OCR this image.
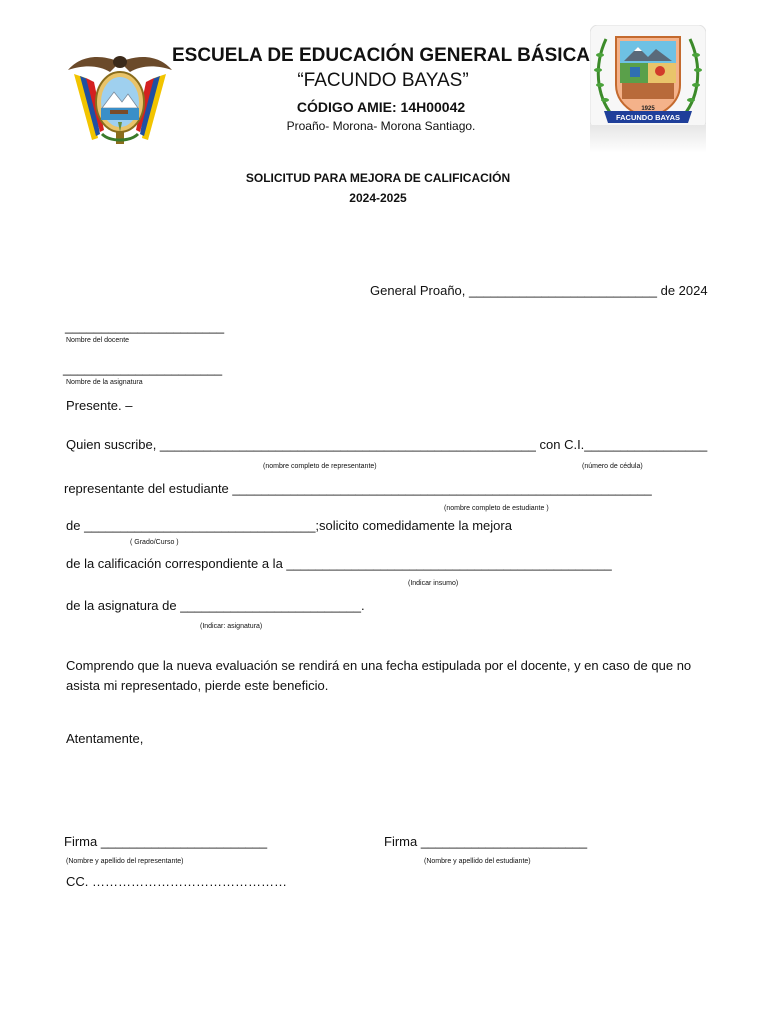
ESCUELA DE EDUCACIÓN GENERAL BÁSICA
“FACUNDO BAYAS”
CÓDIGO AMIE: 14H00042
Proaño- Morona- Morona Santiago.
FACUNDO BAYAS
1925
SOLICITUD PARA MEJORA DE CALIFICACIÓN
2024-2025
General Proaño, __________________________ de 2024
______________________
Nombre del docente
______________________
Nombre de la asignatura
Presente. –
Quien suscribe, ____________________________________________________ con C.I._________________
(nombre completo de representante)	(número de cédula)
representante del estudiante __________________________________________________________
(nombre completo de estudiante )
de ________________________________;solicito comedidamente la mejora
( Grado/Curso )
de la calificación correspondiente a la _____________________________________________
(Indicar insumo)
de la asignatura de _________________________.
(Indicar: asignatura)
Comprendo que la nueva evaluación se rendirá en una fecha estipulada por el docente, y en caso de que no
asista mi representado, pierde este beneficio.
Atentamente,
Firma _______________________
(Nombre y apellido del representante)
Firma _______________________
(Nombre y apellido del estudiante)
CC. ………………………………………
